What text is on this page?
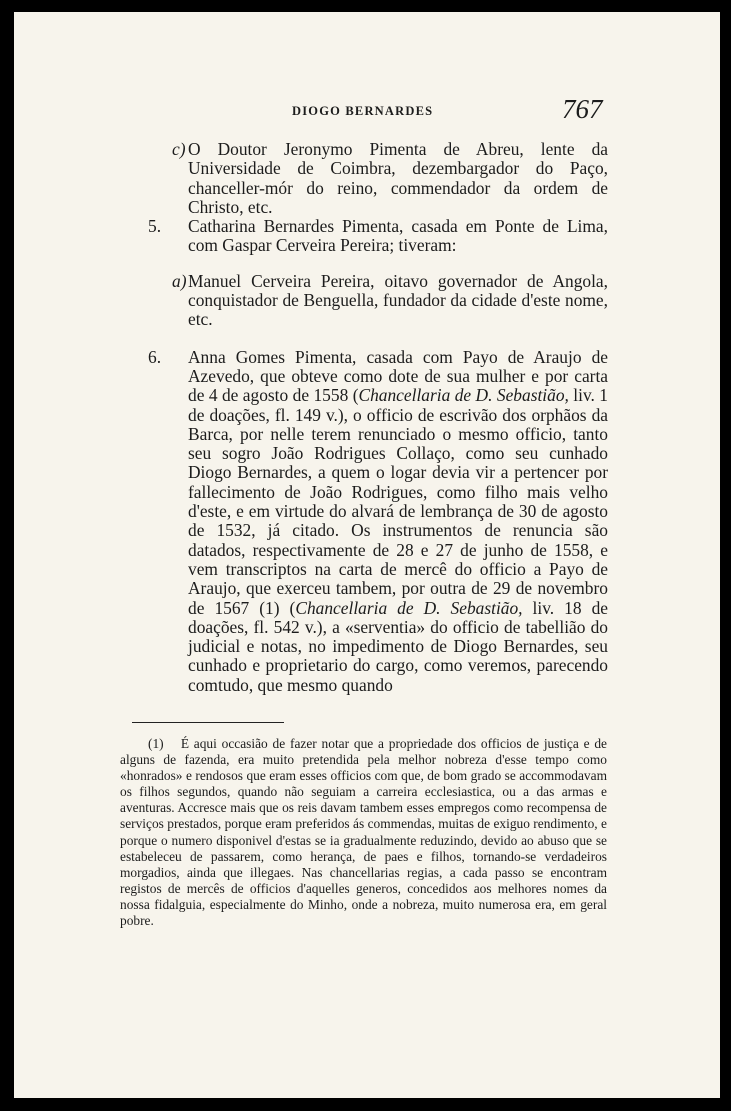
DIOGO BERNARDES	767

c) O Doutor Jeronymo Pimenta de Abreu, lente da Universidade de Coimbra, dezembargador do Paço, chanceller-mór do reino, commendador da ordem de Christo, etc.

5. Catharina Bernardes Pimenta, casada em Ponte de Lima, com Gaspar Cerveira Pereira; tiveram:

a) Manuel Cerveira Pereira, oitavo governador de Angola, conquistador de Benguella, fundador da cidade d'este nome, etc.

6. Anna Gomes Pimenta, casada com Payo de Araujo de Azevedo, que obteve como dote de sua mulher e por carta de 4 de agosto de 1558 (Chancellaria de D. Sebastião, liv. 1 de doações, fl. 149 v.), o officio de escrivão dos orphãos da Barca, por nelle terem renunciado o mesmo officio, tanto seu sogro João Rodrigues Collaço, como seu cunhado Diogo Bernardes, a quem o logar devia vir a pertencer por fallecimento de João Rodrigues, como filho mais velho d'este, e em virtude do alvará de lembrança de 30 de agosto de 1532, já citado. Os instrumentos de renuncia são datados, respectivamente de 28 e 27 de junho de 1558, e vem transcriptos na carta de mercê do officio a Payo de Araujo, que exerceu tambem, por outra de 29 de novembro de 1567 (1) (Chancellaria de D. Sebastião, liv. 18 de doações, fl. 542 v.), a «serventia» do officio de tabellião do judicial e notas, no impedimento de Diogo Bernardes, seu cunhado e proprietario do cargo, como veremos, parecendo comtudo, que mesmo quando

(1) É aqui occasião de fazer notar que a propriedade dos officios de justiça e de alguns de fazenda, era muito pretendida pela melhor nobreza d'esse tempo como «honrados» e rendosos que eram esses officios com que, de bom grado se accommodavam os filhos segundos, quando não seguiam a carreira ecclesiastica, ou a das armas e aventuras. Accresce mais que os reis davam tambem esses empregos como recompensa de serviços prestados, porque eram preferidos ás commendas, muitas de exiguo rendimento, e porque o numero disponivel d'estas se ia gradualmente reduzindo, devido ao abuso que se estabeleceu de passarem, como herança, de paes e filhos, tornando-se verdadeiros morgadios, ainda que illegaes. Nas chancellarias regias, a cada passo se encontram registos de mercês de officios d'aquelles generos, concedidos aos melhores nomes da nossa fidalguia, especialmente do Minho, onde a nobreza, muito numerosa era, em geral pobre.
